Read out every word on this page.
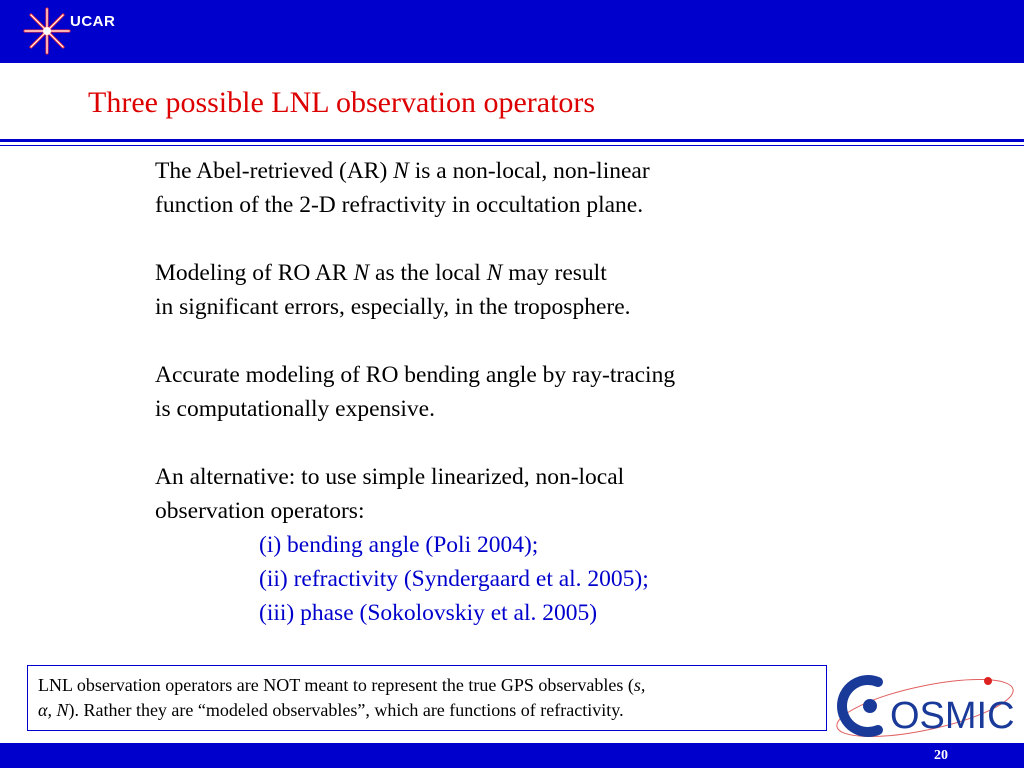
UCAR
Three possible LNL observation operators

The Abel-retrieved (AR) N is a non-local, non-linear
function of the 2-D refractivity in occultation plane.

Modeling of RO AR N as the local N may result
in significant errors, especially, in the troposphere.

Accurate modeling of RO bending angle by ray-tracing
is computationally expensive.

An alternative: to use simple linearized, non-local
observation operators:
(i) bending angle (Poli 2004);
(ii) refractivity (Syndergaard et al. 2005);
(iii) phase (Sokolovskiy et al. 2005)

LNL observation operators are NOT meant to represent the true GPS observables (s,
α, N). Rather they are “modeled observables”, which are functions of refractivity.	OSMIC
20
